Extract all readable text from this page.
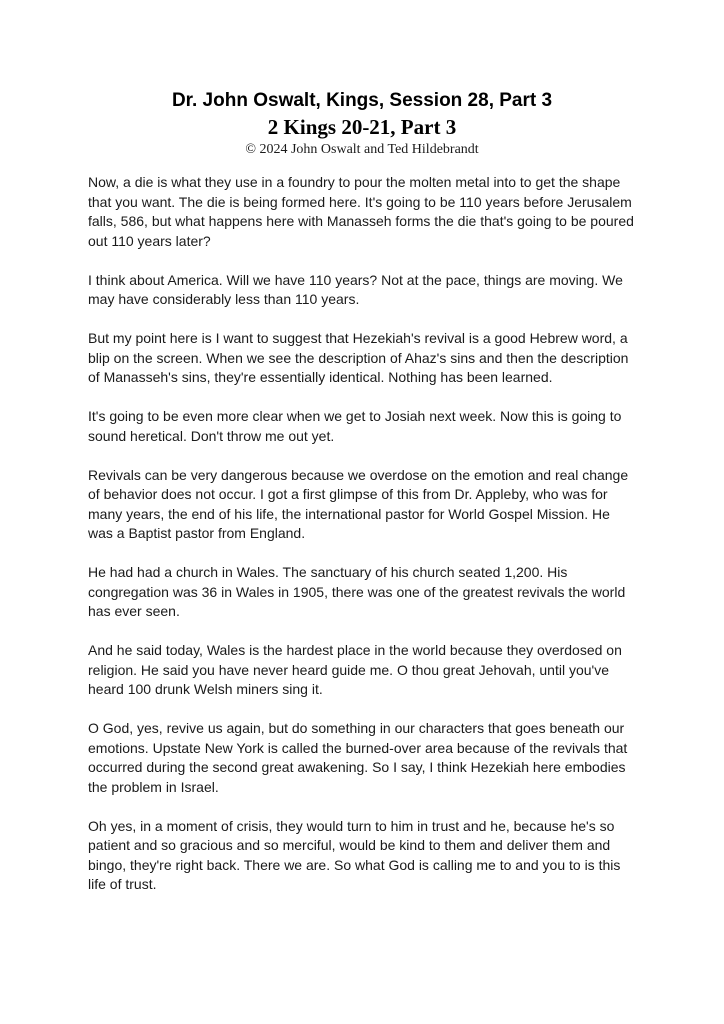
Dr. John Oswalt, Kings, Session 28, Part 3
2 Kings 20-21, Part 3
© 2024 John Oswalt and Ted Hildebrandt

Now, a die is what they use in a foundry to pour the molten metal into to get the shape that you want. The die is being formed here. It's going to be 110 years before Jerusalem falls, 586, but what happens here with Manasseh forms the die that's going to be poured out 110 years later?

I think about America. Will we have 110 years? Not at the pace, things are moving. We may have considerably less than 110 years.

But my point here is I want to suggest that Hezekiah's revival is a good Hebrew word, a blip on the screen. When we see the description of Ahaz's sins and then the description of Manasseh's sins, they're essentially identical. Nothing has been learned.

It's going to be even more clear when we get to Josiah next week. Now this is going to sound heretical. Don't throw me out yet.

Revivals can be very dangerous because we overdose on the emotion and real change of behavior does not occur. I got a first glimpse of this from Dr. Appleby, who was for many years, the end of his life, the international pastor for World Gospel Mission. He was a Baptist pastor from England.

He had had a church in Wales. The sanctuary of his church seated 1,200. His congregation was 36 in Wales in 1905, there was one of the greatest revivals the world has ever seen.

And he said today, Wales is the hardest place in the world because they overdosed on religion. He said you have never heard guide me. O thou great Jehovah, until you've heard 100 drunk Welsh miners sing it.

O God, yes, revive us again, but do something in our characters that goes beneath our emotions. Upstate New York is called the burned-over area because of the revivals that occurred during the second great awakening. So I say, I think Hezekiah here embodies the problem in Israel.

Oh yes, in a moment of crisis, they would turn to him in trust and he, because he's so patient and so gracious and so merciful, would be kind to them and deliver them and bingo, they're right back. There we are. So what God is calling me to and you to is this life of trust.
